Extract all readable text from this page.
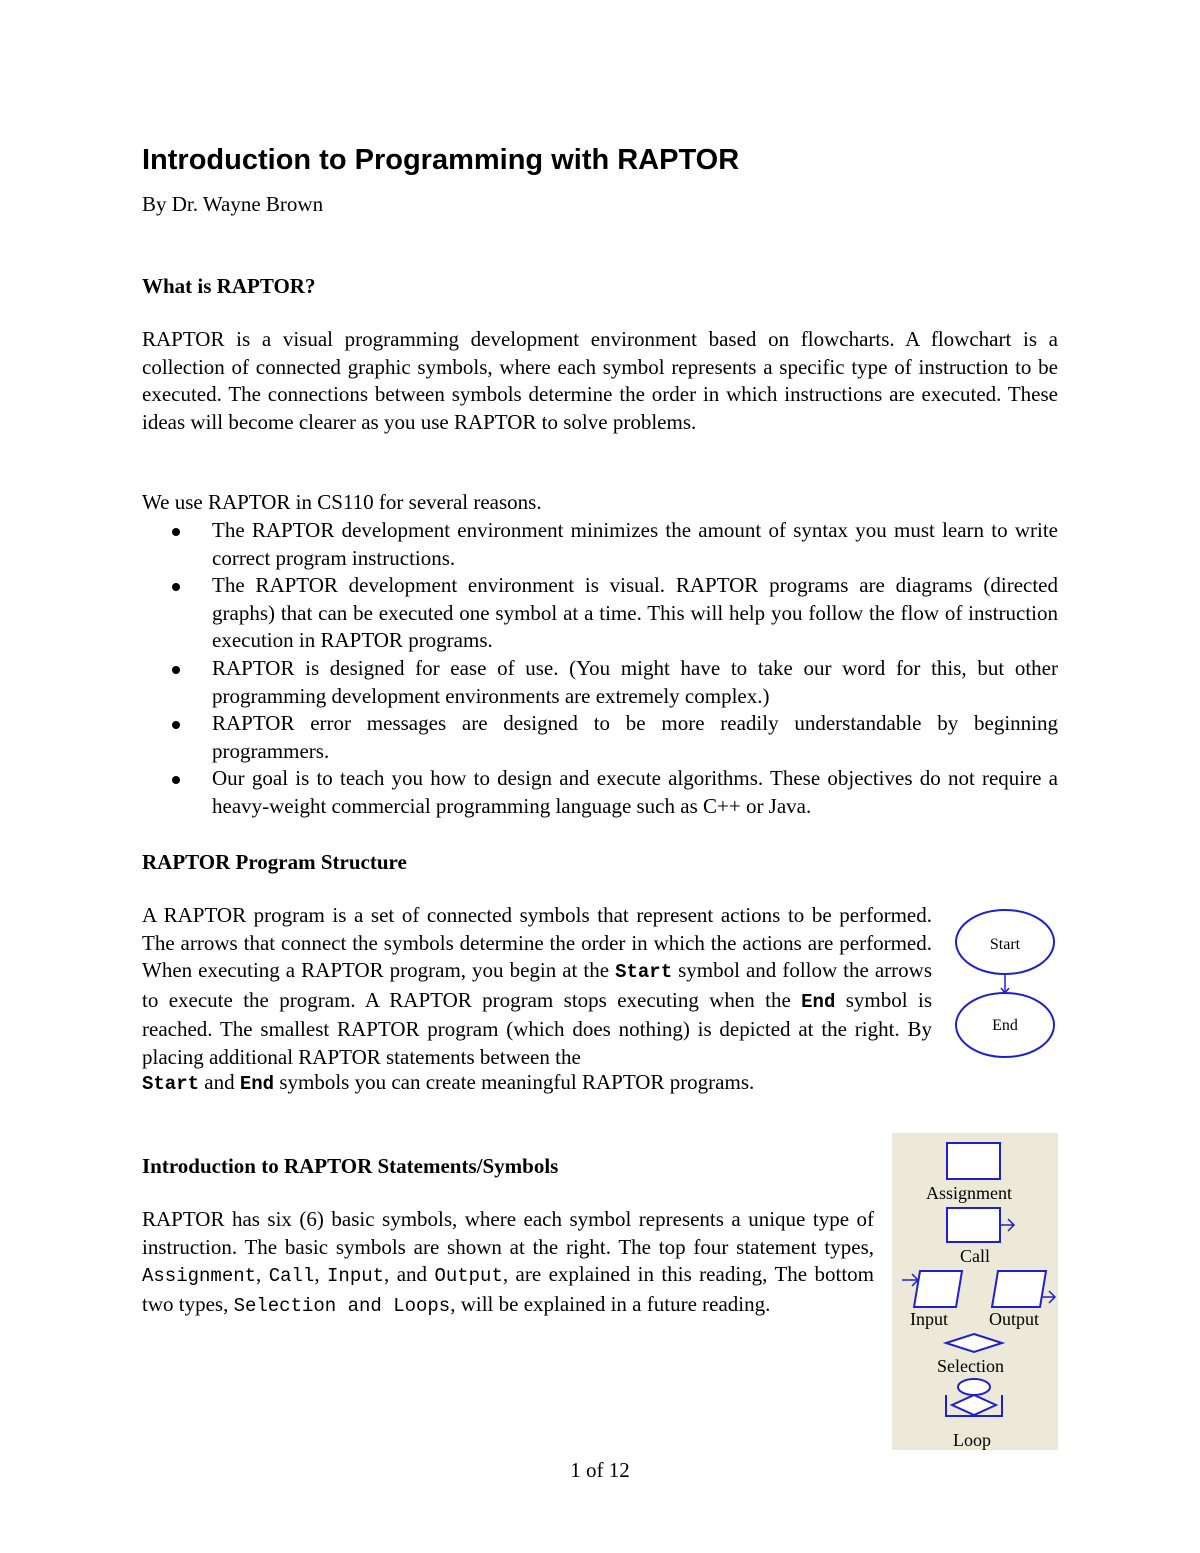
Introduction to Programming with RAPTOR
By Dr. Wayne Brown
What is RAPTOR?

RAPTOR is a visual programming development environment based on flowcharts. A flowchart is a collection of connected graphic symbols, where each symbol represents a specific type of instruction to be executed. The connections between symbols determine the order in which instructions are executed. These ideas will become clearer as you use RAPTOR to solve problems.

We use RAPTOR in CS110 for several reasons.

The RAPTOR development environment minimizes the amount of syntax you must learn to write correct program instructions.
The RAPTOR development environment is visual. RAPTOR programs are diagrams (directed graphs) that can be executed one symbol at a time. This will help you follow the flow of instruction execution in RAPTOR programs.
RAPTOR is designed for ease of use. (You might have to take our word for this, but other programming development environments are extremely complex.)
RAPTOR error messages are designed to be more readily understandable by beginning programmers.
Our goal is to teach you how to design and execute algorithms. These objectives do not require a heavy-weight commercial programming language such as C++ or Java.
RAPTOR Program Structure

A RAPTOR program is a set of connected symbols that represent actions to be performed. The arrows that connect the symbols determine the order in which the actions are performed. When executing a RAPTOR program, you begin at the Start symbol and follow the arrows to execute the program. A RAPTOR program stops executing when the End symbol is reached. The smallest RAPTOR program (which does nothing) is depicted at the right. By placing additional RAPTOR statements between the

Start and End symbols you can create meaningful RAPTOR programs.

Start
End
Introduction to RAPTOR Statements/Symbols

RAPTOR has six (6) basic symbols, where each symbol represents a unique type of instruction. The basic symbols are shown at the right. The top four statement types, Assignment, Call, Input, and Output, are explained in this reading, The bottom two types, Selection and Loops, will be explained in a future reading.

Assignment
Call
Input Output
Selection
Loop
1 of 12
